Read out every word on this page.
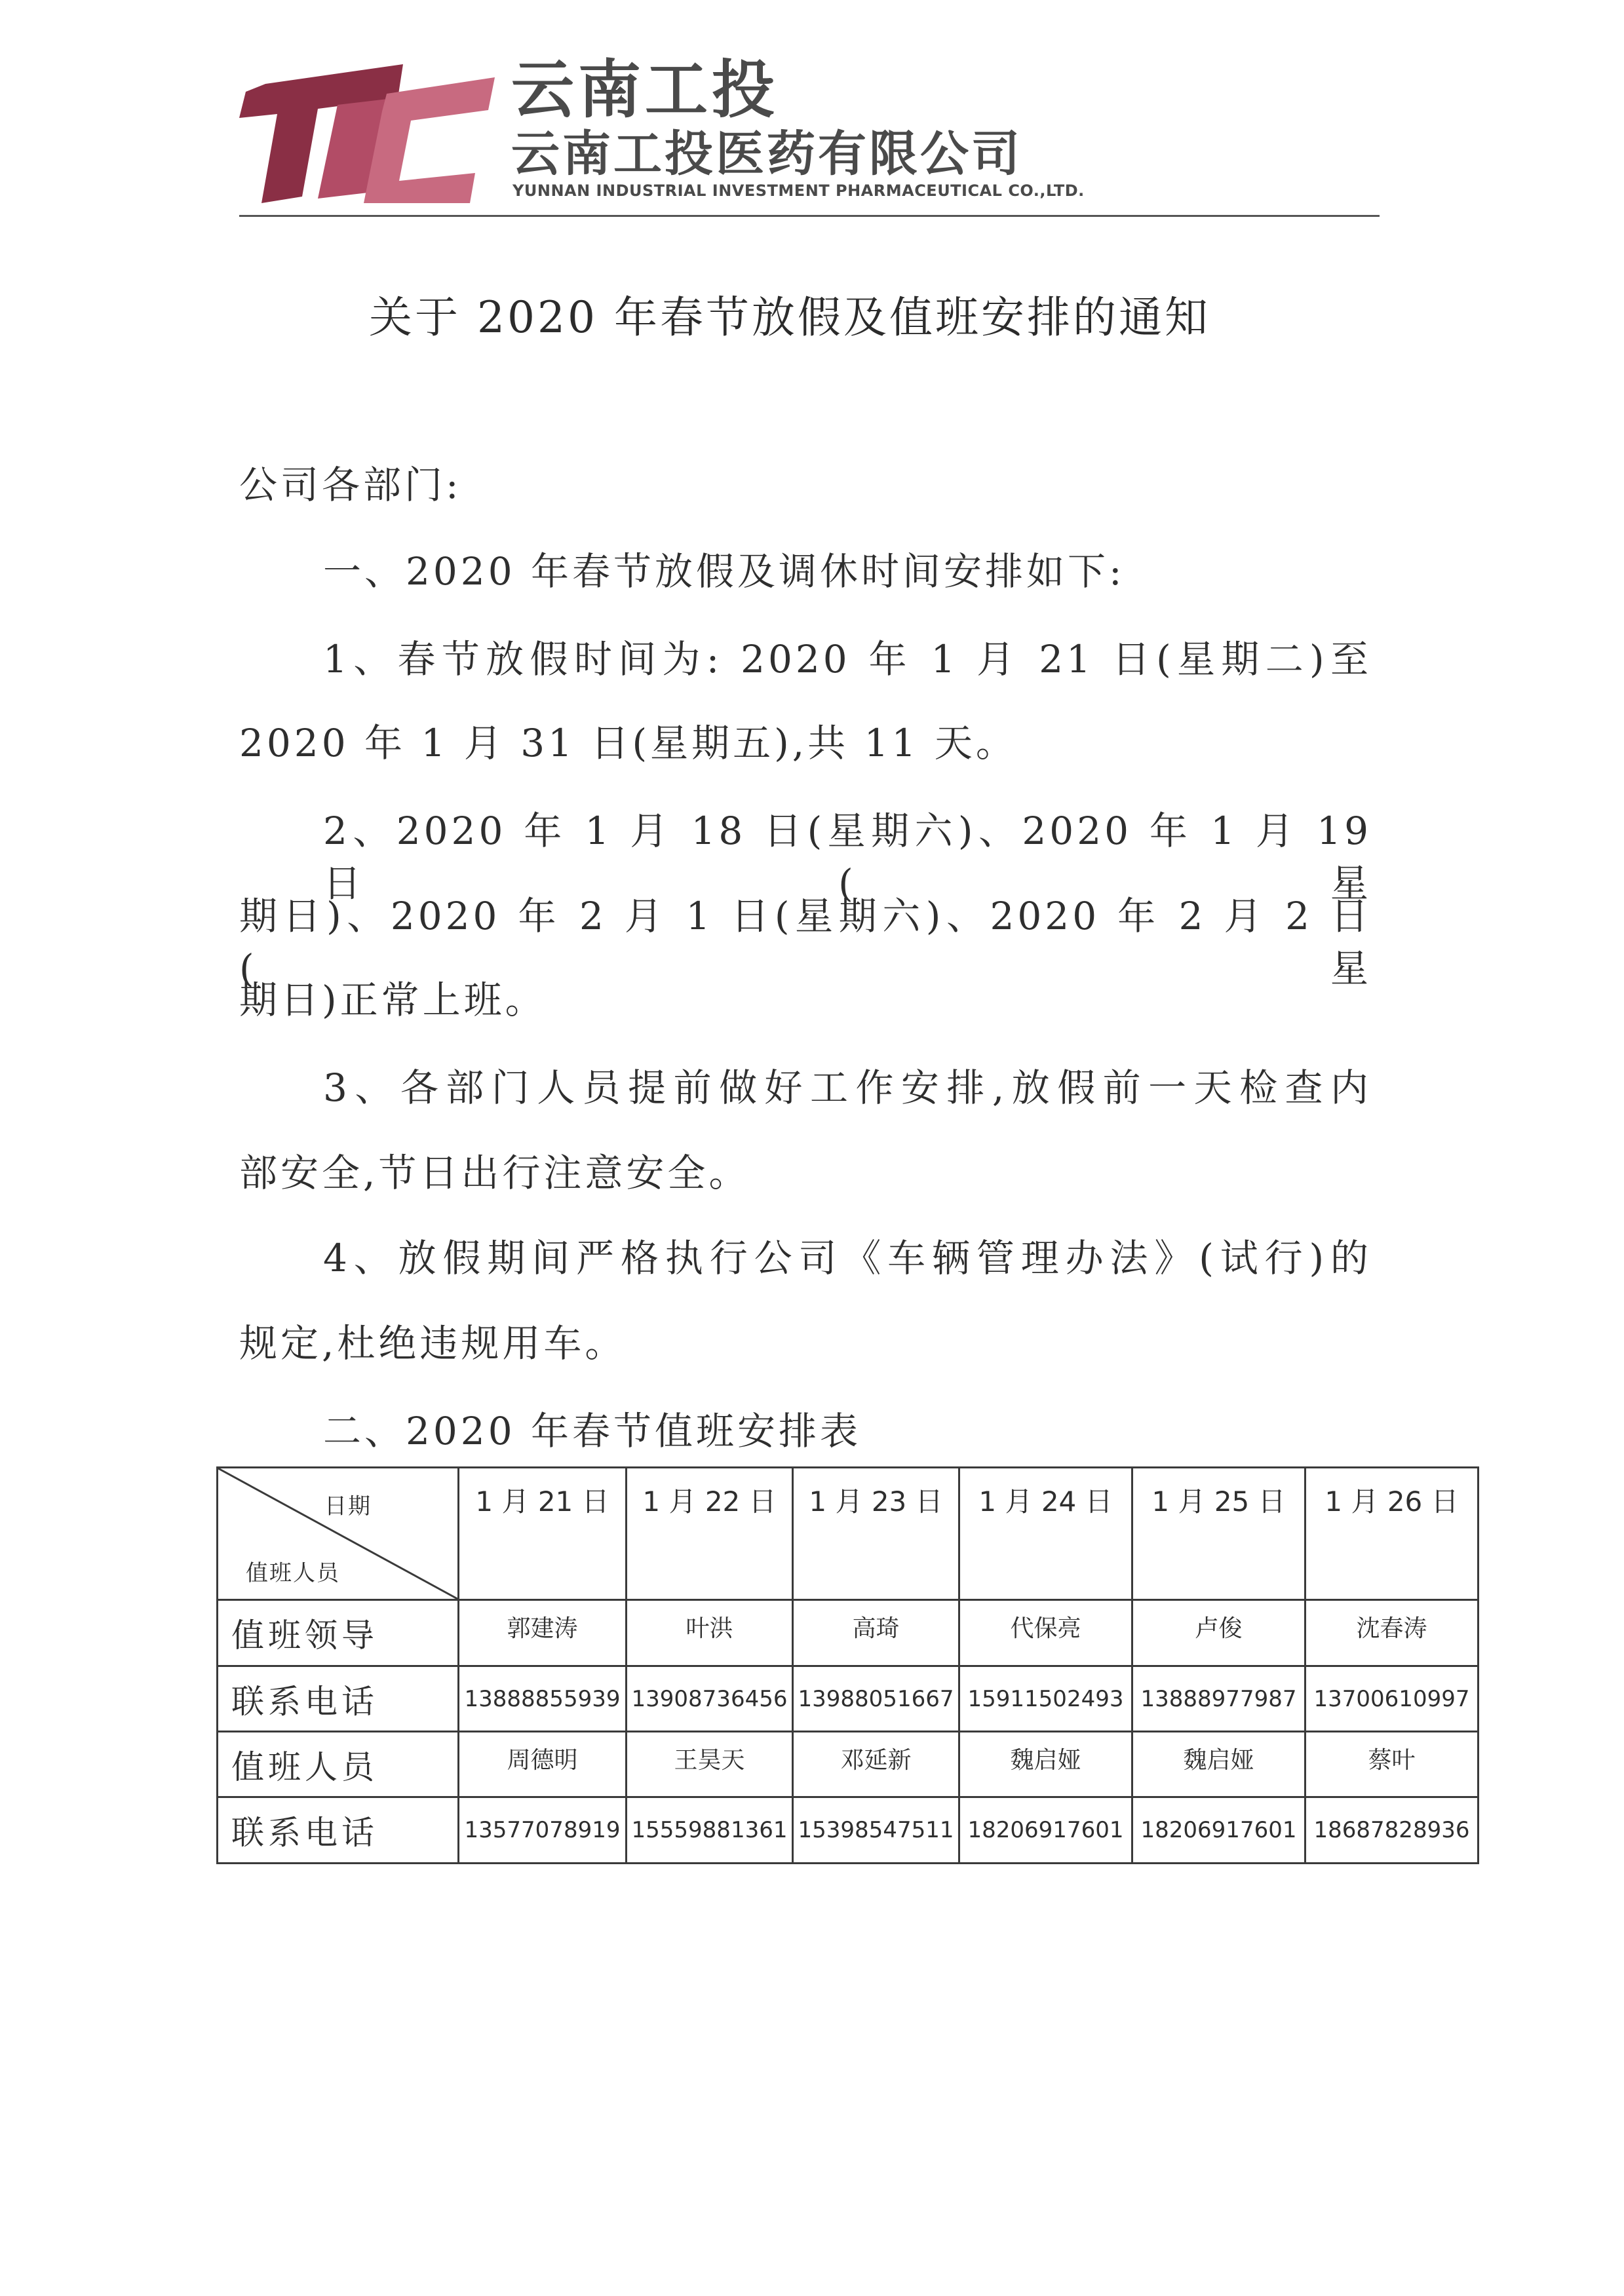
云南工投
云南工投医药有限公司
YUNNAN INDUSTRIAL INVESTMENT PHARMACEUTICAL CO.,LTD.
关于 2020 年春节放假及值班安排的通知
公司各部门:
一、2020 年春节放假及调休时间安排如下:
1、春节放假时间为: 2020 年 1 月 21 日(星期二)至
2020 年 1 月 31 日(星期五),共 11 天。
2、2020 年 1 月 18 日(星期六)、2020 年 1 月 19 日(星
期日)、2020 年 2 月 1 日(星期六)、2020 年 2 月 2 日(星
期日)正常上班。
3、各部门人员提前做好工作安排,放假前一天检查内
部安全,节日出行注意安全。
4、放假期间严格执行公司《车辆管理办法》(试行)的
规定,杜绝违规用车。
二、2020 年春节值班安排表
日期
值班人员	1 月 21 日	1 月 22 日	1 月 23 日	1 月 24 日	1 月 25 日	1 月 26 日
值班领导	郭建涛	叶洪	高琦	代保亮	卢俊	沈春涛
联系电话	13888855939	13908736456	13988051667	15911502493	13888977987	13700610997
值班人员	周德明	王昊天	邓延新	魏启娅	魏启娅	蔡叶
联系电话	13577078919	15559881361	15398547511	18206917601	18206917601	18687828936
